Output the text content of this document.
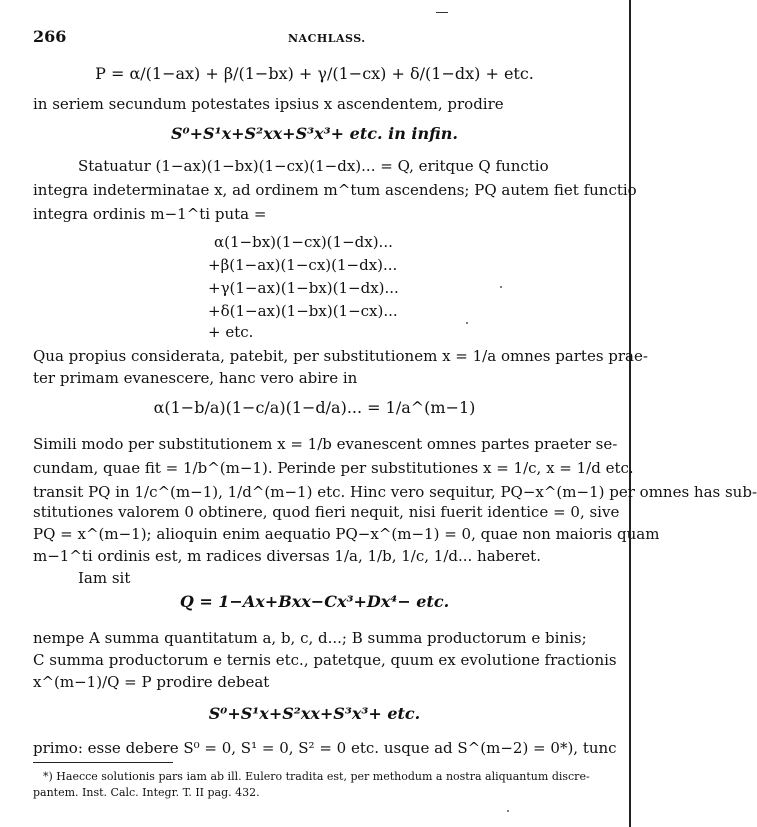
266	NACHLASS.
P = α/(1−ax) + β/(1−bx) + γ/(1−cx) + δ/(1−dx) + etc.
in seriem secundum potestates ipsius x ascendentem, prodire
S⁰+S¹x+S²xx+S³x³+ etc. in infin.
Statuatur (1−ax)(1−bx)(1−cx)(1−dx)... = Q, eritque Q functio
integra indeterminatae x, ad ordinem m^tum ascendens; PQ autem fiet functio
integra ordinis m−1^ti puta =
α(1−bx)(1−cx)(1−dx)...
+β(1−ax)(1−cx)(1−dx)...
+γ(1−ax)(1−bx)(1−dx)...
+δ(1−ax)(1−bx)(1−cx)...
+ etc.
Qua propius considerata, patebit, per substitutionem x = 1/a omnes partes prae-
ter primam evanescere, hanc vero abire in
α(1−b/a)(1−c/a)(1−d/a)... = 1/a^(m−1)
Simili modo per substitutionem x = 1/b evanescent omnes partes praeter se-
cundam, quae fit = 1/b^(m−1). Perinde per substitutiones x = 1/c, x = 1/d etc.
transit PQ in 1/c^(m−1), 1/d^(m−1) etc. Hinc vero sequitur, PQ−x^(m−1) per omnes has sub-
stitutiones valorem 0 obtinere, quod fieri nequit, nisi fuerit identice = 0, sive
PQ = x^(m−1); alioquin enim aequatio PQ−x^(m−1) = 0, quae non maioris quam
m−1^ti ordinis est, m radices diversas 1/a, 1/b, 1/c, 1/d... haberet.
Iam sit
Q = 1−Ax+Bxx−Cx³+Dx⁴− etc.
nempe A summa quantitatum a, b, c, d...; B summa productorum e binis;
C summa productorum e ternis etc., patetque, quum ex evolutione fractionis
x^(m−1)/Q = P prodire debeat
S⁰+S¹x+S²xx+S³x³+ etc.
primo: esse debere S⁰ = 0, S¹ = 0, S² = 0 etc. usque ad S^(m−2) = 0*), tunc
*) Haecce solutionis pars iam ab ill. Eulero tradita est, per methodum a nostra aliquantum discre-
pantem. Inst. Calc. Integr. T. II pag. 432.
